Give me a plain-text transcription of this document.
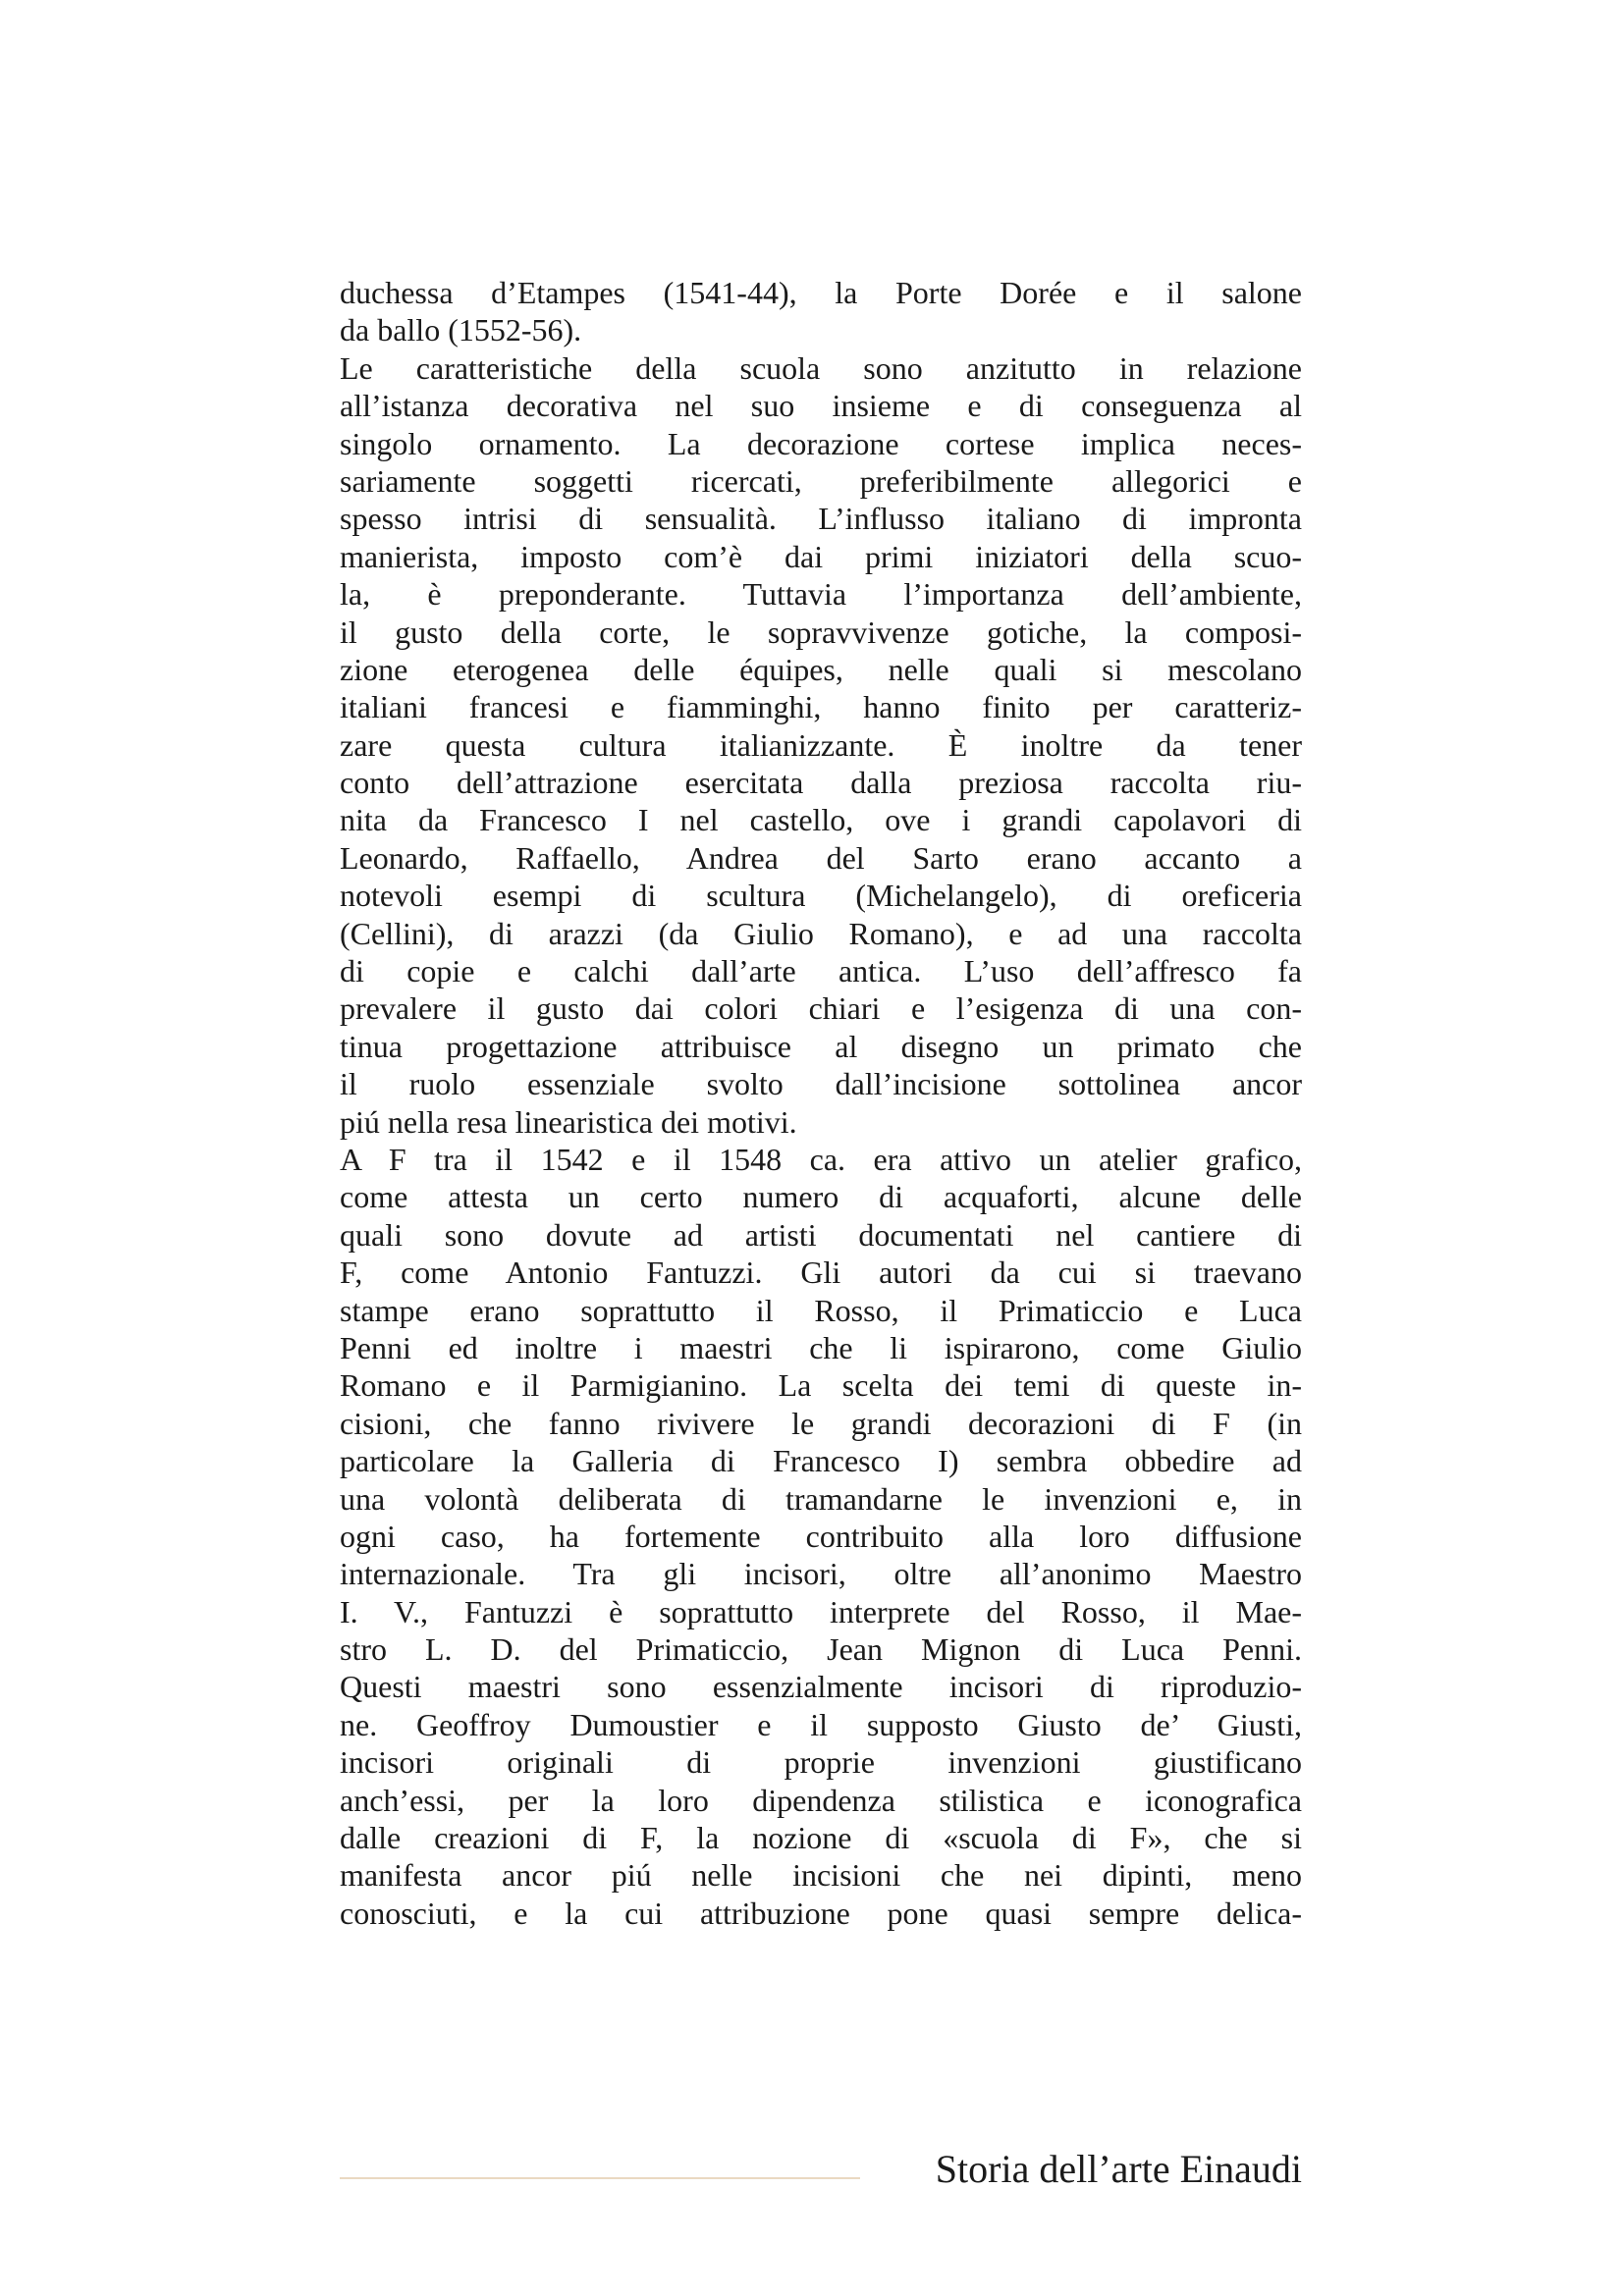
duchessa d’Etampes (1541-44), la Porte Dorée e il salone
da ballo (1552-56).
Le caratteristiche della scuola sono anzitutto in relazione
all’istanza decorativa nel suo insieme e di conseguenza al
singolo ornamento. La decorazione cortese implica neces-
sariamente soggetti ricercati, preferibilmente allegorici e
spesso intrisi di sensualità. L’influsso italiano di impronta
manierista, imposto com’è dai primi iniziatori della scuo-
la, è preponderante. Tuttavia l’importanza dell’ambiente,
il gusto della corte, le sopravvivenze gotiche, la composi-
zione eterogenea delle équipes, nelle quali si mescolano
italiani francesi e fiamminghi, hanno finito per caratteriz-
zare questa cultura italianizzante. È inoltre da tener
conto dell’attrazione esercitata dalla preziosa raccolta riu-
nita da Francesco I nel castello, ove i grandi capolavori di
Leonardo, Raffaello, Andrea del Sarto erano accanto a
notevoli esempi di scultura (Michelangelo), di oreficeria
(Cellini), di arazzi (da Giulio Romano), e ad una raccolta
di copie e calchi dall’arte antica. L’uso dell’affresco fa
prevalere il gusto dai colori chiari e l’esigenza di una con-
tinua progettazione attribuisce al disegno un primato che
il ruolo essenziale svolto dall’incisione sottolinea ancor
piú nella resa linearistica dei motivi.
A F tra il 1542 e il 1548 ca. era attivo un atelier grafico,
come attesta un certo numero di acquaforti, alcune delle
quali sono dovute ad artisti documentati nel cantiere di
F, come Antonio Fantuzzi. Gli autori da cui si traevano
stampe erano soprattutto il Rosso, il Primaticcio e Luca
Penni ed inoltre i maestri che li ispirarono, come Giulio
Romano e il Parmigianino. La scelta dei temi di queste in-
cisioni, che fanno rivivere le grandi decorazioni di F (in
particolare la Galleria di Francesco I) sembra obbedire ad
una volontà deliberata di tramandarne le invenzioni e, in
ogni caso, ha fortemente contribuito alla loro diffusione
internazionale. Tra gli incisori, oltre all’anonimo Maestro
I. V., Fantuzzi è soprattutto interprete del Rosso, il Mae-
stro L. D. del Primaticcio, Jean Mignon di Luca Penni.
Questi maestri sono essenzialmente incisori di riproduzio-
ne. Geoffroy Dumoustier e il supposto Giusto de’ Giusti,
incisori originali di proprie invenzioni giustificano
anch’essi, per la loro dipendenza stilistica e iconografica
dalle creazioni di F, la nozione di «scuola di F», che si
manifesta ancor piú nelle incisioni che nei dipinti, meno
conosciuti, e la cui attribuzione pone quasi sempre delica-
Storia dell’arte Einaudi
